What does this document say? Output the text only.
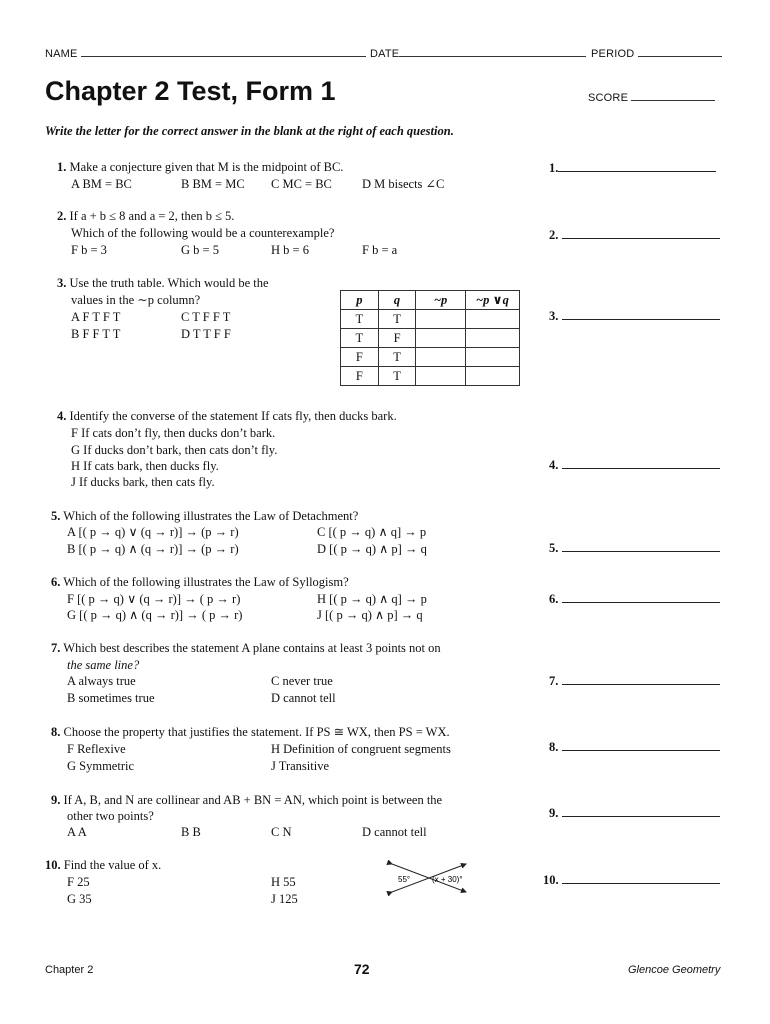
NAME	DATE	PERIOD
Chapter 2 Test, Form 1	SCORE
Write the letter for the correct answer in the blank at the right of each question.
1. Make a conjecture given that M is the midpoint of BC.
A BM = BC	B BM = MC C MC = BC D M bisects ∠C
2. If a + b ≤ 8 and a = 2, then b ≤ 5.
Which of the following would be a counterexample?
F b = 3	G b = 5	H b = 6	F b = a
3. Use the truth table. Which would be the
values in the ∼p column?
A F T F T	C T F F T
B F F T T	D T T F F
p	q	~p	~p ∨q
T	T		
T	F		
F	T		
F	T		
4. Identify the converse of the statement If cats fly, then ducks bark.
F If cats don’t fly, then ducks don’t bark.
G If ducks don’t bark, then cats don’t fly.
H If cats bark, then ducks fly.
J If ducks bark, then cats fly.
5. Which of the following illustrates the Law of Detachment?
A [( p → q) ∨ (q → r)] → (p → r)	C [( p → q) ∧ q] → p
B [( p → q) ∧ (q → r)] → (p → r)	D [( p → q) ∧ p] → q
6. Which of the following illustrates the Law of Syllogism?
F [( p → q) ∨ (q → r)] → ( p → r)	H [( p → q) ∧ q] → p
G [( p → q) ∧ (q → r)] → ( p → r)	J [( p → q) ∧ p] → q
7. Which best describes the statement A plane contains at least 3 points not on
the same line?
A always true	C never true
B sometimes true	D cannot tell
8. Choose the property that justifies the statement. If PS ≅ WX, then PS = WX.
F Reflexive	H Definition of congruent segments
G Symmetric	J Transitive
9. If A, B, and N are collinear and AB + BN = AN, which point is between the
other two points?
A A	B B	C N	D cannot tell
10. Find the value of x.
F 25	H 55
G 35	J 125
55°	(x + 30)°
1.
2.
3.
4.
5.
6.
7.
8.
9.
10.
Chapter 2	72	Glencoe Geometry
